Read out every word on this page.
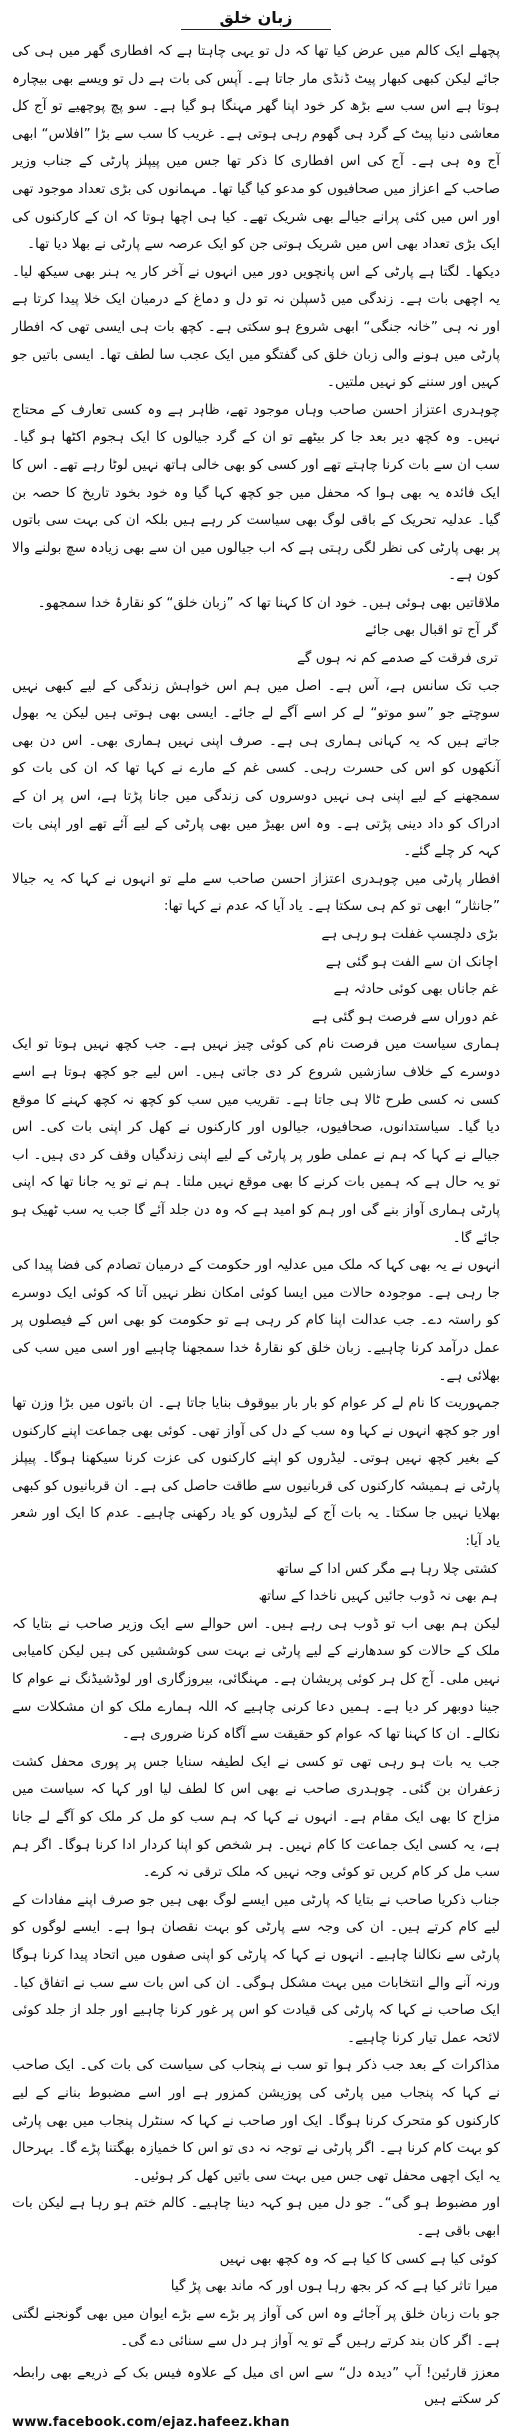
زبان خلق

پچھلے ایک کالم میں عرض کیا تھا کہ دل تو یہی چاہتا ہے کہ افطاری گھر میں ہی کی جائے لیکن کبھی کبھار پیٹ ڈنڈی مار جاتا ہے۔ آپس کی بات ہے دل تو ویسے بھی بیچارہ ہوتا ہے اس سب سے بڑھ کر خود اپنا گھر مہنگا ہو گیا ہے۔ سو پچ پوچھیے تو آج کل معاشی دنیا پیٹ کے گرد ہی گھوم رہی ہوتی ہے۔ غریب کا سب سے بڑا ”افلاس“ ابھی آج وہ ہی ہے۔ آج کی اس افطاری کا ذکر تھا جس میں پیپلز پارٹی کے جناب وزیر صاحب کے اعزاز میں صحافیوں کو مدعو کیا گیا تھا۔ مہمانوں کی بڑی تعداد موجود تھی اور اس میں کئی پرانے جیالے بھی شریک تھے۔ کیا ہی اچھا ہوتا کہ ان کے کارکنوں کی ایک بڑی تعداد بھی اس میں شریک ہوتی جن کو ایک عرصہ سے پارٹی نے بھلا دیا تھا۔

دیکھا۔ لگتا ہے پارٹی کے اس پانچویں دور میں انہوں نے آخر کار یہ ہنر بھی سیکھ لیا۔ یہ اچھی بات ہے۔ زندگی میں ڈسپلن نہ تو دل و دماغ کے درمیان ایک خلا پیدا کرتا ہے اور نہ ہی ”خانہ جنگی“ ابھی شروع ہو سکتی ہے۔ کچھ بات ہی ایسی تھی کہ افطار پارٹی میں ہونے والی زبان خلق کی گفتگو میں ایک عجب سا لطف تھا۔ ایسی باتیں جو کہیں اور سننے کو نہیں ملتیں۔

چوہدری اعتزاز احسن صاحب وہاں موجود تھے، ظاہر ہے وہ کسی تعارف کے محتاج نہیں۔ وہ کچھ دیر بعد جا کر بیٹھے تو ان کے گرد جیالوں کا ایک ہجوم اکٹھا ہو گیا۔ سب ان سے بات کرنا چاہتے تھے اور کسی کو بھی خالی ہاتھ نہیں لوٹا رہے تھے۔ اس کا ایک فائدہ یہ بھی ہوا کہ محفل میں جو کچھ کہا گیا وہ خود بخود تاریخ کا حصہ بن گیا۔ عدلیہ تحریک کے باقی لوگ بھی سیاست کر رہے ہیں بلکہ ان کی بہت سی باتوں پر بھی پارٹی کی نظر لگی رہتی ہے کہ اب جیالوں میں ان سے بھی زیادہ سچ بولنے والا کون ہے۔

ملاقاتیں بھی ہوئی ہیں۔ خود ان کا کہنا تھا کہ ”زبان خلق“ کو نقارۂ خدا سمجھو۔

گر آج تو اقبال بھی جائے
تری فرقت کے صدمے کم نہ ہوں گے

جب تک سانس ہے، آس ہے۔ اصل میں ہم اس خواہش زندگی کے لیے کبھی نہیں سوچتے جو ”سو موتو“ لے کر اسے آگے لے جائے۔ ایسی بھی ہوتی ہیں لیکن یہ بھول جاتے ہیں کہ یہ کہانی ہماری ہی ہے۔ صرف اپنی نہیں ہماری بھی۔ اس دن بھی آنکھوں کو اس کی حسرت رہی۔ کسی غم کے مارے نے کہا تھا کہ ان کی بات کو سمجھنے کے لیے اپنی ہی نہیں دوسروں کی زندگی میں جانا پڑتا ہے، اس پر ان کے ادراک کو داد دینی پڑتی ہے۔ وہ اس بھیڑ میں بھی پارٹی کے لیے آئے تھے اور اپنی بات کہہ کر چلے گئے۔

افطار پارٹی میں چوہدری اعتزاز احسن صاحب سے ملے تو انہوں نے کہا کہ یہ جیالا ”جانثار“ ابھی تو کم ہی سکتا ہے۔ یاد آیا کہ عدم نے کہا تھا:

بڑی دلچسپ غفلت ہو رہی ہے
اچانک ان سے الفت ہو گئی ہے
غم جاناں بھی کوئی حادثہ ہے
غم دوراں سے فرصت ہو گئی ہے

ہماری سیاست میں فرصت نام کی کوئی چیز نہیں ہے۔ جب کچھ نہیں ہوتا تو ایک دوسرے کے خلاف سازشیں شروع کر دی جاتی ہیں۔ اس لیے جو کچھ ہوتا ہے اسے کسی نہ کسی طرح ٹالا ہی جاتا ہے۔ تقریب میں سب کو کچھ نہ کچھ کہنے کا موقع دیا گیا۔ سیاستدانوں، صحافیوں، جیالوں اور کارکنوں نے کھل کر اپنی بات کی۔ اس جیالے نے کہا کہ ہم نے عملی طور پر پارٹی کے لیے اپنی زندگیاں وقف کر دی ہیں۔ اب تو یہ حال ہے کہ ہمیں بات کرنے کا بھی موقع نہیں ملتا۔ ہم نے تو یہ جانا تھا کہ اپنی پارٹی ہماری آواز بنے گی اور ہم کو امید ہے کہ وہ دن جلد آئے گا جب یہ سب ٹھیک ہو جائے گا۔

انہوں نے یہ بھی کہا کہ ملک میں عدلیہ اور حکومت کے درمیان تصادم کی فضا پیدا کی جا رہی ہے۔ موجودہ حالات میں ایسا کوئی امکان نظر نہیں آتا کہ کوئی ایک دوسرے کو راستہ دے۔ جب عدالت اپنا کام کر رہی ہے تو حکومت کو بھی اس کے فیصلوں پر عمل درآمد کرنا چاہیے۔ زبان خلق کو نقارۂ خدا سمجھنا چاہیے اور اسی میں سب کی بھلائی ہے۔

جمہوریت کا نام لے کر عوام کو بار بار بیوقوف بنایا جاتا ہے۔ ان باتوں میں بڑا وزن تھا اور جو کچھ انہوں نے کہا وہ سب کے دل کی آواز تھی۔ کوئی بھی جماعت اپنے کارکنوں کے بغیر کچھ نہیں ہوتی۔ لیڈروں کو اپنے کارکنوں کی عزت کرنا سیکھنا ہوگا۔ پیپلز پارٹی نے ہمیشہ کارکنوں کی قربانیوں سے طاقت حاصل کی ہے۔ ان قربانیوں کو کبھی بھلایا نہیں جا سکتا۔ یہ بات آج کے لیڈروں کو یاد رکھنی چاہیے۔ عدم کا ایک اور شعر یاد آیا:

کشتی چلا رہا ہے مگر کس ادا کے ساتھ
ہم بھی نہ ڈوب جائیں کہیں ناخدا کے ساتھ

لیکن ہم بھی اب تو ڈوب ہی رہے ہیں۔ اس حوالے سے ایک وزیر صاحب نے بتایا کہ ملک کے حالات کو سدھارنے کے لیے پارٹی نے بہت سی کوششیں کی ہیں لیکن کامیابی نہیں ملی۔ آج کل ہر کوئی پریشان ہے۔ مہنگائی، بیروزگاری اور لوڈشیڈنگ نے عوام کا جینا دوبھر کر دیا ہے۔ ہمیں دعا کرنی چاہیے کہ اللہ ہمارے ملک کو ان مشکلات سے نکالے۔ ان کا کہنا تھا کہ عوام کو حقیقت سے آگاہ کرنا ضروری ہے۔

جب یہ بات ہو رہی تھی تو کسی نے ایک لطیفہ سنایا جس پر پوری محفل کشت زعفران بن گئی۔ چوہدری صاحب نے بھی اس کا لطف لیا اور کہا کہ سیاست میں مزاح کا بھی ایک مقام ہے۔ انہوں نے کہا کہ ہم سب کو مل کر ملک کو آگے لے جانا ہے، یہ کسی ایک جماعت کا کام نہیں۔ ہر شخص کو اپنا کردار ادا کرنا ہوگا۔ اگر ہم سب مل کر کام کریں تو کوئی وجہ نہیں کہ ملک ترقی نہ کرے۔

جناب ذکریا صاحب نے بتایا کہ پارٹی میں ایسے لوگ بھی ہیں جو صرف اپنے مفادات کے لیے کام کرتے ہیں۔ ان کی وجہ سے پارٹی کو بہت نقصان ہوا ہے۔ ایسے لوگوں کو پارٹی سے نکالنا چاہیے۔ انہوں نے کہا کہ پارٹی کو اپنی صفوں میں اتحاد پیدا کرنا ہوگا ورنہ آنے والے انتخابات میں بہت مشکل ہوگی۔ ان کی اس بات سے سب نے اتفاق کیا۔ ایک صاحب نے کہا کہ پارٹی کی قیادت کو اس پر غور کرنا چاہیے اور جلد از جلد کوئی لائحہ عمل تیار کرنا چاہیے۔

مذاکرات کے بعد جب ذکر ہوا تو سب نے پنجاب کی سیاست کی بات کی۔ ایک صاحب نے کہا کہ پنجاب میں پارٹی کی پوزیشن کمزور ہے اور اسے مضبوط بنانے کے لیے کارکنوں کو متحرک کرنا ہوگا۔ ایک اور صاحب نے کہا کہ سنٹرل پنجاب میں بھی پارٹی کو بہت کام کرنا ہے۔ اگر پارٹی نے توجہ نہ دی تو اس کا خمیازہ بھگتنا پڑے گا۔ بہرحال یہ ایک اچھی محفل تھی جس میں بہت سی باتیں کھل کر ہوئیں۔

اور مضبوط ہو گی“۔ جو دل میں ہو کہہ دینا چاہیے۔ کالم ختم ہو رہا ہے لیکن بات ابھی باقی ہے۔

کوئی کیا ہے کسی کا کیا ہے کہ وہ کچھ بھی نہیں
میرا تاثر کیا ہے کہ کر بجھ رہا ہوں اور کہ ماند بھی پڑ گیا

جو بات زبان خلق پر آجائے وہ اس کی آواز پر بڑے سے بڑے ایوان میں بھی گونجنے لگتی ہے۔ اگر کان بند کرتے رہیں گے تو یہ آواز ہر دل سے سنائی دے گی۔

معزز قارئین! آپ ”دیدہ دل“ سے اس ای میل کے علاوہ فیس بک کے ذریعے بھی رابطہ کر سکتے ہیں
www.facebook.com/ejaz.hafeez.khan
